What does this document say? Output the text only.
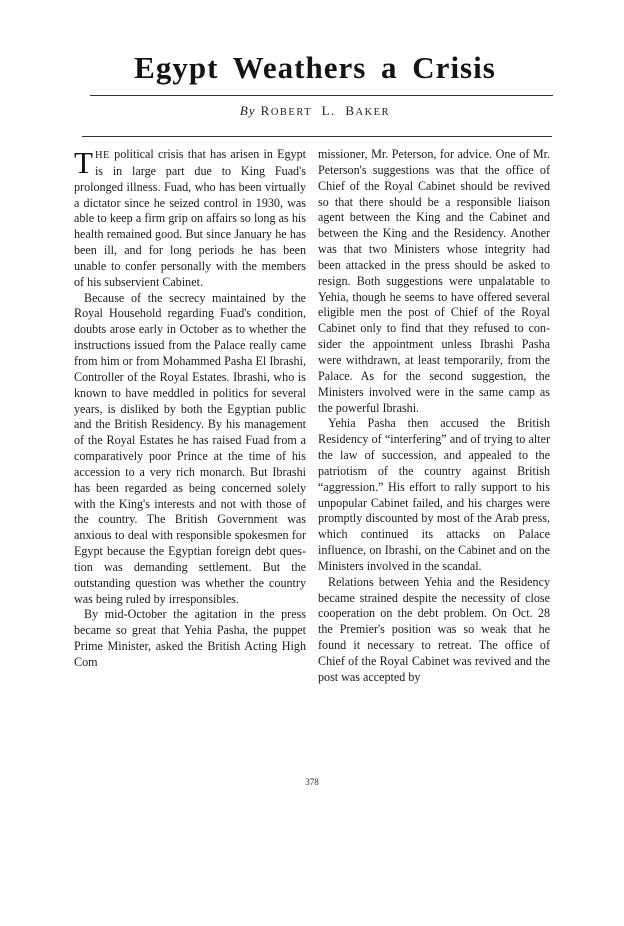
Egypt Weathers a Crisis
By ROBERT L. BAKER

THE political crisis that has arisen in Egypt is in large part due to King Fuad's prolonged illness. Fuad, who has been virtually a dictator since he seized control in 1930, was able to keep a firm grip on affairs so long as his health remained good. But since January he has been ill, and for long periods he has been unable to confer personally with the members of his subservient Cabinet.

Because of the secrecy maintained by the Royal Household regarding Fuad's condition, doubts arose early in October as to whether the instructions issued from the Palace really came from him or from Mohammed Pasha El Ibrashi, Controller of the Royal Estates. Ibrashi, who is known to have meddled in politics for several years, is disliked by both the Egyptian public and the British Residency. By his management of the Royal Estates he has raised Fuad from a comparatively poor Prince at the time of his accession to a very rich monarch. But Ibrashi has been regarded as being concerned solely with the King's interests and not with those of the country. The British Government was anxious to deal with responsible spokesmen for Egypt because the Egyptian foreign debt question was demanding settlement. But the outstanding question was whether the country was being ruled by irresponsibles.

By mid-October the agitation in the press became so great that Yehia Pasha, the puppet Prime Minister, asked the British Acting High Com

missioner, Mr. Peterson, for advice. One of Mr. Peterson's suggestions was that the office of Chief of the Royal Cabinet should be revived so that there should be a responsible liaison agent between the King and the Cabinet and between the King and the Residency. Another was that two Ministers whose integrity had been attacked in the press should be asked to resign. Both suggestions were unpalatable to Yehia, though he seems to have offered several eligible men the post of Chief of the Royal Cabinet only to find that they refused to consider the appointment unless Ibrashi Pasha were withdrawn, at least temporarily, from the Palace. As for the second suggestion, the Ministers involved were in the same camp as the powerful Ibrashi.

Yehia Pasha then accused the British Residency of “interfering” and of trying to alter the law of succession, and appealed to the patriotism of the country against British “aggression.” His effort to rally support to his unpopular Cabinet failed, and his charges were promptly discounted by most of the Arab press, which continued its attacks on Palace influence, on Ibrashi, on the Cabinet and on the Ministers involved in the scandal.

Relations between Yehia and the Residency became strained despite the necessity of close cooperation on the debt problem. On Oct. 28 the Premier's position was so weak that he found it necessary to retreat. The office of Chief of the Royal Cabinet was revived and the post was accepted by

378
